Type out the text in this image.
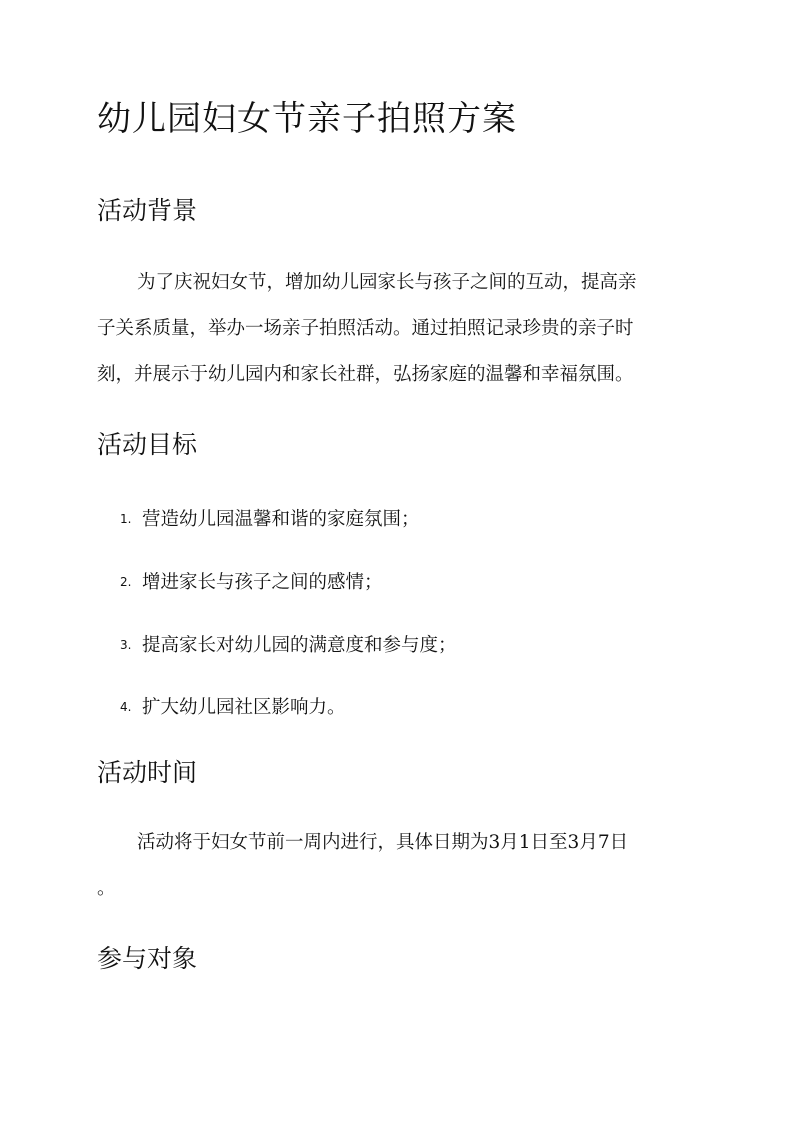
幼儿园妇女节亲子拍照方案
活动背景
为了庆祝妇女节，增加幼儿园家长与孩子之间的互动，提高亲
子关系质量，举办一场亲子拍照活动。通过拍照记录珍贵的亲子时
刻，并展示于幼儿园内和家长社群，弘扬家庭的温馨和幸福氛围。
活动目标
1. 营造幼儿园温馨和谐的家庭氛围；
2. 增进家长与孩子之间的感情；
3. 提高家长对幼儿园的满意度和参与度；
4. 扩大幼儿园社区影响力。
活动时间
活动将于妇女节前一周内进行，具体日期为3月1日至3月7日
。
参与对象
